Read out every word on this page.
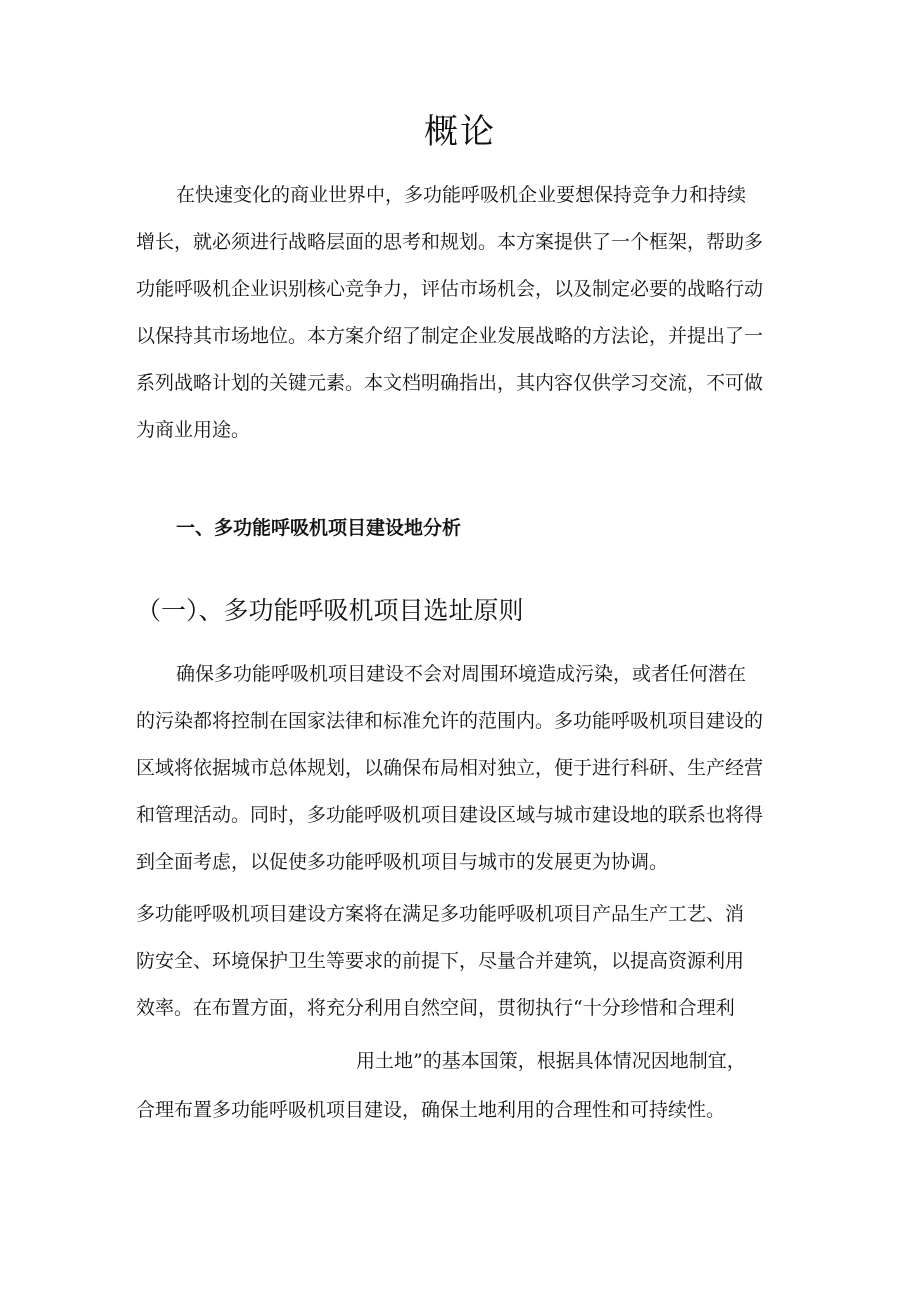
概论
在快速变化的商业世界中，多功能呼吸机企业要想保持竞争力和持续
增长，就必须进行战略层面的思考和规划。本方案提供了一个框架，帮助多
功能呼吸机企业识别核心竞争力，评估市场机会，以及制定必要的战略行动
以保持其市场地位。本方案介绍了制定企业发展战略的方法论，并提出了一
系列战略计划的关键元素。本文档明确指出，其内容仅供学习交流，不可做
为商业用途。
一、多功能呼吸机项目建设地分析
（一）、多功能呼吸机项目选址原则
确保多功能呼吸机项目建设不会对周围环境造成污染，或者任何潜在
的污染都将控制在国家法律和标准允许的范围内。多功能呼吸机项目建设的
区域将依据城市总体规划，以确保布局相对独立，便于进行科研、生产经营
和管理活动。同时，多功能呼吸机项目建设区域与城市建设地的联系也将得
到全面考虑，以促使多功能呼吸机项目与城市的发展更为协调。
多功能呼吸机项目建设方案将在满足多功能呼吸机项目产品生产工艺、消
防安全、环境保护卫生等要求的前提下，尽量合并建筑，以提高资源利用
效率。在布置方面，将充分利用自然空间，贯彻执行“十分珍惜和合理利
用土地”的基本国策，根据具体情况因地制宜，
合理布置多功能呼吸机项目建设，确保土地利用的合理性和可持续性。
